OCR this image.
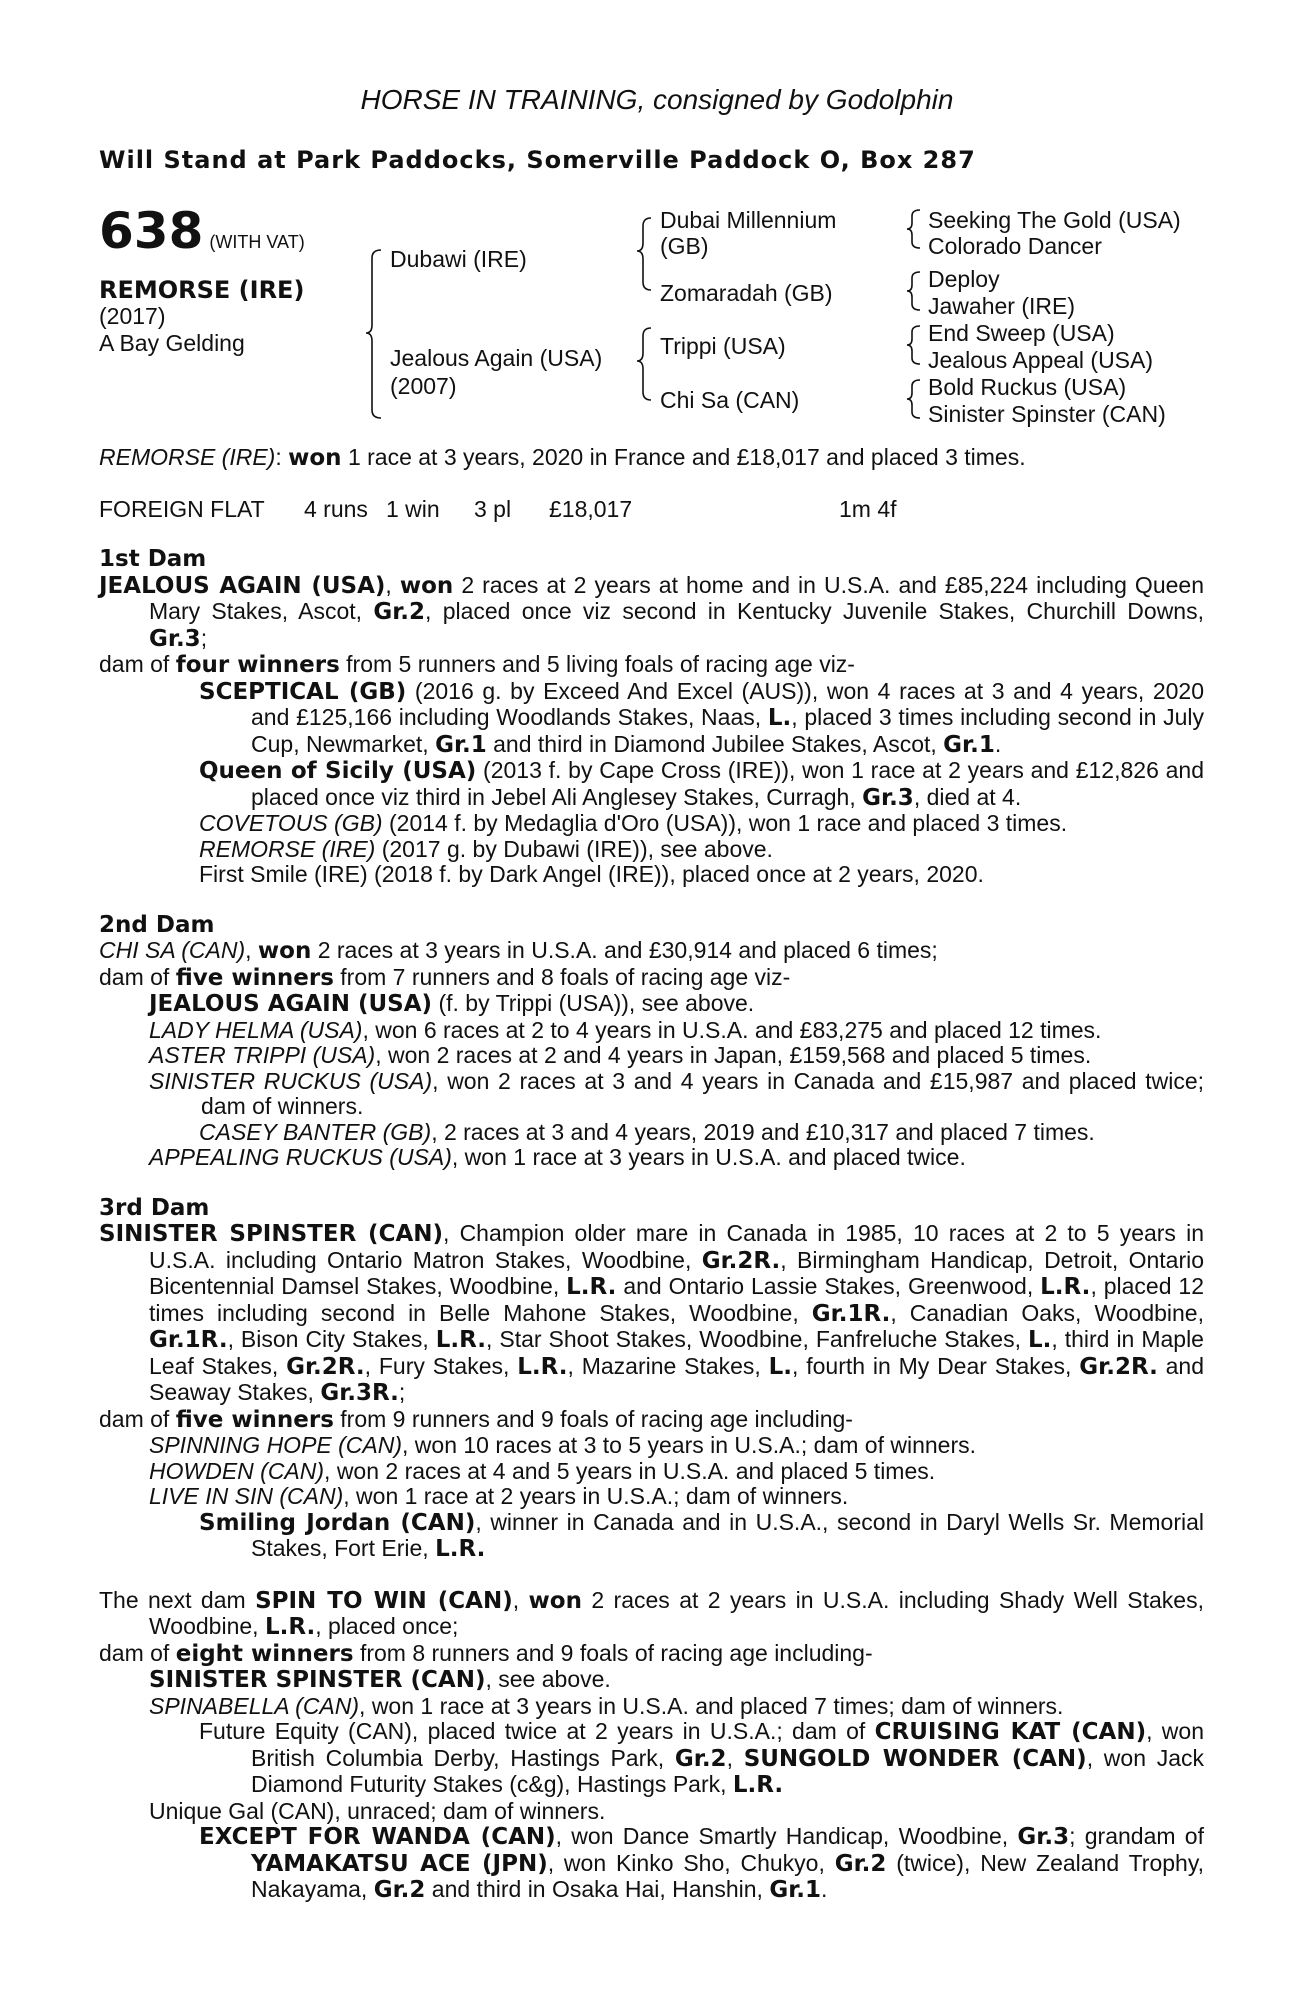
HORSE IN TRAINING, consigned by Godolphin
Will Stand at Park Paddocks, Somerville Paddock O, Box 287
638 (WITH VAT)
REMORSE (IRE)
(2017)
A Bay Gelding
Dubawi (IRE)
Jealous Again (USA)
(2007)
Dubai Millennium
(GB)
Zomaradah (GB)
Trippi (USA)
Chi Sa (CAN)
Seeking The Gold (USA)
Colorado Dancer
Deploy
Jawaher (IRE)
End Sweep (USA)
Jealous Appeal (USA)
Bold Ruckus (USA)
Sinister Spinster (CAN)

REMORSE (IRE): won 1 race at 3 years, 2020 in France and £18,017 and placed 3 times.

FOREIGN FLAT 4 runs 1 win 3 pl £18,017	1m 4f

1st Dam

JEALOUS AGAIN (USA), won 2 races at 2 years at home and in U.S.A. and £85,224 including Queen Mary Stakes, Ascot, Gr.2, placed once viz second in Kentucky Juvenile Stakes, Churchill Downs, Gr.3;

dam of four winners from 5 runners and 5 living foals of racing age viz-

SCEPTICAL (GB) (2016 g. by Exceed And Excel (AUS)), won 4 races at 3 and 4 years, 2020 and £125,166 including Woodlands Stakes, Naas, L., placed 3 times including second in July Cup, Newmarket, Gr.1 and third in Diamond Jubilee Stakes, Ascot, Gr.1.

Queen of Sicily (USA) (2013 f. by Cape Cross (IRE)), won 1 race at 2 years and £12,826 and placed once viz third in Jebel Ali Anglesey Stakes, Curragh, Gr.3, died at 4.

COVETOUS (GB) (2014 f. by Medaglia d'Oro (USA)), won 1 race and placed 3 times.

REMORSE (IRE) (2017 g. by Dubawi (IRE)), see above.

First Smile (IRE) (2018 f. by Dark Angel (IRE)), placed once at 2 years, 2020.

2nd Dam

CHI SA (CAN), won 2 races at 3 years in U.S.A. and £30,914 and placed 6 times;

dam of five winners from 7 runners and 8 foals of racing age viz-

JEALOUS AGAIN (USA) (f. by Trippi (USA)), see above.

LADY HELMA (USA), won 6 races at 2 to 4 years in U.S.A. and £83,275 and placed 12 times.

ASTER TRIPPI (USA), won 2 races at 2 and 4 years in Japan, £159,568 and placed 5 times.

SINISTER RUCKUS (USA), won 2 races at 3 and 4 years in Canada and £15,987 and placed twice; dam of winners.

CASEY BANTER (GB), 2 races at 3 and 4 years, 2019 and £10,317 and placed 7 times.

APPEALING RUCKUS (USA), won 1 race at 3 years in U.S.A. and placed twice.

3rd Dam

SINISTER SPINSTER (CAN), Champion older mare in Canada in 1985, 10 races at 2 to 5 years in U.S.A. including Ontario Matron Stakes, Woodbine, Gr.2R., Birmingham Handicap, Detroit, Ontario Bicentennial Damsel Stakes, Woodbine, L.R. and Ontario Lassie Stakes, Greenwood, L.R., placed 12 times including second in Belle Mahone Stakes, Woodbine, Gr.1R., Canadian Oaks, Woodbine, Gr.1R., Bison City Stakes, L.R., Star Shoot Stakes, Woodbine, Fanfreluche Stakes, L., third in Maple Leaf Stakes, Gr.2R., Fury Stakes, L.R., Mazarine Stakes, L., fourth in My Dear Stakes, Gr.2R. and Seaway Stakes, Gr.3R.;

dam of five winners from 9 runners and 9 foals of racing age including-

SPINNING HOPE (CAN), won 10 races at 3 to 5 years in U.S.A.; dam of winners.

HOWDEN (CAN), won 2 races at 4 and 5 years in U.S.A. and placed 5 times.

LIVE IN SIN (CAN), won 1 race at 2 years in U.S.A.; dam of winners.

Smiling Jordan (CAN), winner in Canada and in U.S.A., second in Daryl Wells Sr. Memorial Stakes, Fort Erie, L.R.

The next dam SPIN TO WIN (CAN), won 2 races at 2 years in U.S.A. including Shady Well Stakes, Woodbine, L.R., placed once;

dam of eight winners from 8 runners and 9 foals of racing age including-

SINISTER SPINSTER (CAN), see above.

SPINABELLA (CAN), won 1 race at 3 years in U.S.A. and placed 7 times; dam of winners.

Future Equity (CAN), placed twice at 2 years in U.S.A.; dam of CRUISING KAT (CAN), won British Columbia Derby, Hastings Park, Gr.2, SUNGOLD WONDER (CAN), won Jack Diamond Futurity Stakes (c&g), Hastings Park, L.R.

Unique Gal (CAN), unraced; dam of winners.

EXCEPT FOR WANDA (CAN), won Dance Smartly Handicap, Woodbine, Gr.3; grandam of YAMAKATSU ACE (JPN), won Kinko Sho, Chukyo, Gr.2 (twice), New Zealand Trophy, Nakayama, Gr.2 and third in Osaka Hai, Hanshin, Gr.1.
